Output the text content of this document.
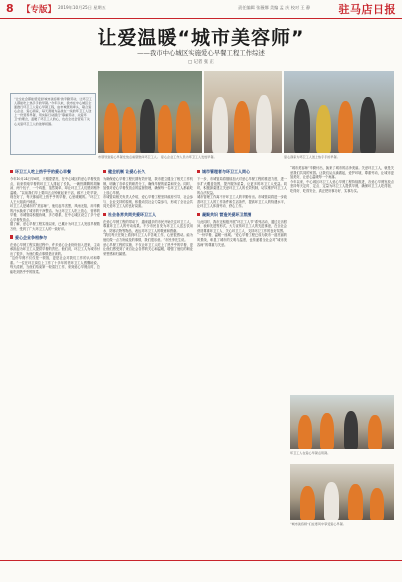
8 【专版】 2019年10月25日 星期五	责任编辑 张薇娜 美编 孟 庆 校对 王 静	驻马店日报
让爱温暖“城市美容师”
——我市中心城区实施爱心早餐工程工作综述
□ 记者 张 正
“让全社会都能感受到‘城市美容师’的辛勤劳动，让环卫工人都能吃上热乎乎的早餐。”今年以来，我市在中心城区全面推行环卫工人爱心早餐工程，由市城管局牵头，联合爱心企业、爱心商家，每天清晨为奋战在一线的环卫工人送上一份营养早餐，用实际行动践行“尊重劳动、关爱环卫”的理念，温暖了环卫工人的心，也在全社会营造了关心关爱环卫工人的浓厚氛围。
市领导到爱心早餐发放点看望慰问环卫工人。 爱心企业工作人员为环卫工人发放早餐。	爱心商家为环卫工人送上热乎乎的早餐。
环卫工人吃上热乎乎的爱心早餐

今年10月24日早6时，天刚蒙蒙亮，在中心城区的爱心早餐发放点，前来领取早餐的环卫工人排起了长队，一碗热腾腾的胡辣汤、两个包子、一个鸡蛋，虽然简单，却让环卫工人们感到格外温暖。“以前我们早上要四五点钟就起来干活，顾不上吃早饭，现在好了，每天都能吃上热乎乎的早餐，心里暖暖的。”环卫工人王大姐高兴地说。

环卫工人是城市的“美容师”，他们起早贪黑，风雨无阻，用辛勤的汗水换来了城市的干净整洁。为让环卫工人吃上放心、营养的早餐，市城管局积极协调，多方联系，在中心城区设立了多个爱心早餐发放点。

据了解，爱心早餐工程实施以来，已累计为环卫工人发放早餐数万份，受到了广大环卫工人的一致好评。

爱心企业争相参与

在爱心早餐工程实施过程中，许多爱心企业纷纷加入进来，主动承担起为环卫工人提供早餐的责任。他们说，环卫工人为城市付出了很多，为他们做点事情是应该的。

“这份早餐不仅仅是一顿饭，更是社会对我们工作的认可和尊重。”一位在环卫岗位上工作了十多年的老环卫工人感慨地说。每天清晨，当他们结束第一轮清扫工作，来到爱心早餐点时，总能吃到热乎乎的饭菜。

健全机制 让爱心长久

为确保爱心早餐工程长期有效开展，我市建立健全了相关工作机制，明确了各单位的职责分工，确保早餐的质量和安全。同时，加强对爱心早餐发放点的监督管理，确保每一名环卫工人都能吃上放心早餐。

市城管局相关负责人介绍，爱心早餐工程坚持政府引导、社会参与、企业支持的原则，积极动员社会力量参与，形成了全社会共同关爱环卫工人的良好局面。

社会各界共同关爱环卫工人

在爱心早餐工程的带动下，越来越多的市民开始关注环卫工人，尊重环卫工人的劳动成果。不少市民自发为环卫工人送去饮用水、防寒衣物等物品，表达对环卫工人的敬意和感谢。

“我们每天在街上看到环卫工人辛苦地工作，心里很感动。能为他们做一点力所能及的事情，我们很乐意。”市民李先生说。

爱心早餐工程的实施，不仅让环卫工人吃上了热乎乎的早餐，更让他们感受到了来自社会各界的关心和温暖，增强了他们的职业荣誉感和归属感。

城市管理者与环卫工人同心

下一步，市城管局将继续加大对爱心早餐工程的推进力度，进一步扩大覆盖范围，提升服务质量，让更多的环卫工人受益。同时，积极探索建立关爱环卫工人的长效机制，切实维护环卫工人的合法权益。

城市管理工作离不开环卫工人的辛勤付出。市城管局将进一步改善环卫工人的工作条件和生活条件，提高环卫工人的待遇水平，让环卫工人体面劳动、舒心工作。

凝聚共识 营造关爱环卫氛围

与此同时，我市还积极开展“环卫工人节”系列活动，通过走访慰问、表彰先进等形式，大力宣传环卫工人的先进事迹，在全社会营造尊重环卫工人、关心环卫工人、支持环卫工作的良好氛围。

“一份早餐，温暖一座城。”爱心早餐工程已成为我市一道亮丽的风景线，彰显了城市的文明与温度，也传递着全社会对“城市美容师”的尊重与关爱。

“城市美容师”辛勤付出，换来了城市的洁净美丽。关爱环卫工人，就是关爱我们共同的家园。让我们从点滴做起，爱护环境，尊重劳动，让城市更加美好，让爱心温暖每一个角落。

今年以来，中心城区环卫工人爱心早餐工程持续推进，各爱心早餐发放点坚持每天定时、定点、定量为环卫工人提供早餐，确保环卫工人吃得饱、吃得好、吃得安全，真正把好事办好、实事办实。

环卫工人在爱心早餐点用餐。
“城市美容师”们在寒风中享受爱心早餐。
